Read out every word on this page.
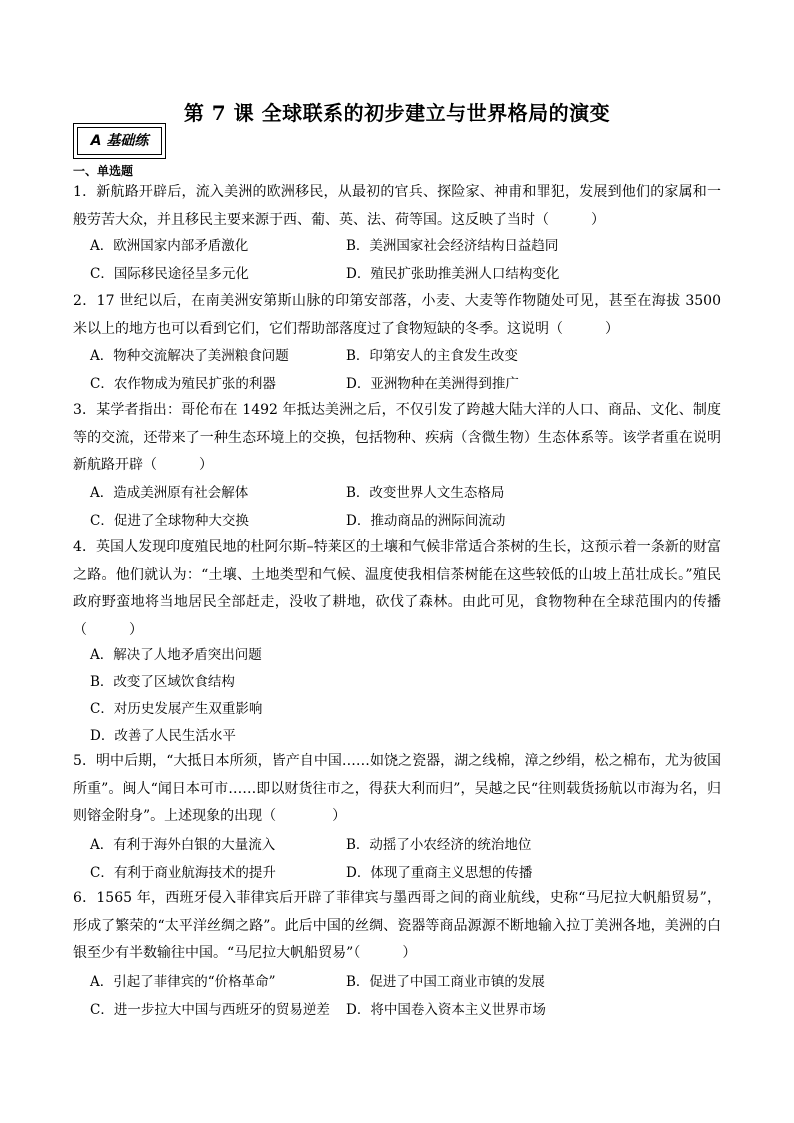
第 7 课 全球联系的初步建立与世界格局的演变
A 基础练
一、单选题
1．新航路开辟后，流入美洲的欧洲移民，从最初的官兵、探险家、神甫和罪犯，发展到他们的家属和一般劳苦大众，并且移民主要来源于西、葡、英、法、荷等国。这反映了当时（　　　）
A．欧洲国家内部矛盾激化	B．美洲国家社会经济结构日益趋同
C．国际移民途径呈多元化	D．殖民扩张助推美洲人口结构变化
2．17 世纪以后，在南美洲安第斯山脉的印第安部落，小麦、大麦等作物随处可见，甚至在海拔 3500 米以上的地方也可以看到它们，它们帮助部落度过了食物短缺的冬季。这说明（　　　）
A．物种交流解决了美洲粮食问题	B．印第安人的主食发生改变
C．农作物成为殖民扩张的利器	D．亚洲物种在美洲得到推广
3．某学者指出：哥伦布在 1492 年抵达美洲之后，不仅引发了跨越大陆大洋的人口、商品、文化、制度等的交流，还带来了一种生态环境上的交换，包括物种、疾病（含微生物）生态体系等。该学者重在说明新航路开辟（　　　）
A．造成美洲原有社会解体	B．改变世界人文生态格局
C．促进了全球物种大交换	D．推动商品的洲际间流动
4．英国人发现印度殖民地的杜阿尔斯–特莱区的土壤和气候非常适合茶树的生长，这预示着一条新的财富之路。他们就认为：“土壤、土地类型和气候、温度使我相信茶树能在这些较低的山坡上茁壮成长。”殖民政府野蛮地将当地居民全部赶走，没收了耕地，砍伐了森林。由此可见，食物物种在全球范围内的传播（　　　）
A．解决了人地矛盾突出问题
B．改变了区域饮食结构
C．对历史发展产生双重影响
D．改善了人民生活水平
5．明中后期，“大抵日本所须，皆产自中国……如饶之瓷器，湖之线棉，漳之纱绢，松之棉布，尤为彼国所重”。闽人“闻日本可市……即以财货往市之，得获大利而归”，吴越之民“往则载货扬航以市海为名，归则镕金附身”。上述现象的出现（　　　　）
A．有利于海外白银的大量流入	B．动摇了小农经济的统治地位
C．有利于商业航海技术的提升	D．体现了重商主义思想的传播
6．1565 年，西班牙侵入菲律宾后开辟了菲律宾与墨西哥之间的商业航线，史称“马尼拉大帆船贸易”，形成了繁荣的“太平洋丝绸之路”。此后中国的丝绸、瓷器等商品源源不断地输入拉丁美洲各地，美洲的白银至少有半数输往中国。“马尼拉大帆船贸易”（　　　）
A．引起了菲律宾的“价格革命”	B．促进了中国工商业市镇的发展
C．进一步拉大中国与西班牙的贸易逆差 D．将中国卷入资本主义世界市场
